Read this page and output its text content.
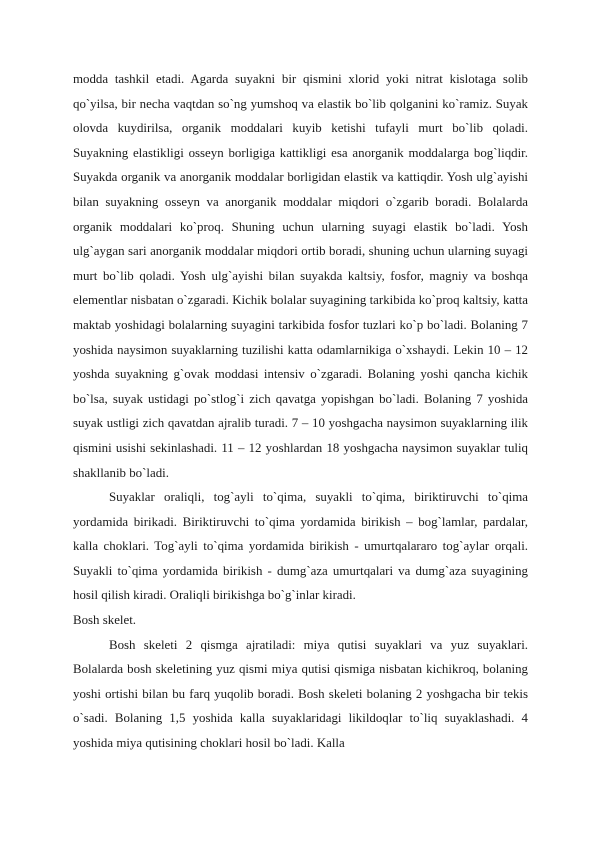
modda tashkil etadi. Agarda suyakni bir qismini xlorid yoki nitrat kislotaga solib qo`yilsa, bir necha vaqtdan so`ng yumshoq va elastik bo`lib qolganini ko`ramiz. Suyak olovda kuydirilsa, organik moddalari kuyib ketishi tufayli murt bo`lib qoladi. Suyakning elastikligi osseyn borligiga kattikligi esa anorganik moddalarga bog`liqdir. Suyakda organik va anorganik moddalar borligidan elastik va kattiqdir. Yosh ulg`ayishi bilan suyakning osseyn va anorganik moddalar miqdori o`zgarib boradi. Bolalarda organik moddalari ko`proq. Shuning uchun ularning suyagi elastik bo`ladi. Yosh ulg`aygan sari anorganik moddalar miqdori ortib boradi, shuning uchun ularning suyagi murt bo`lib qoladi. Yosh ulg`ayishi bilan suyakda kaltsiy, fosfor, magniy va boshqa elementlar nisbatan o`zgaradi. Kichik bolalar suyagining tarkibida ko`proq kaltsiy, katta maktab yoshidagi bolalarning suyagini tarkibida fosfor tuzlari ko`p bo`ladi. Bolaning 7 yoshida naysimon suyaklarning tuzilishi katta odamlarnikiga o`xshaydi. Lekin 10 – 12 yoshda suyakning g`ovak moddasi intensiv o`zgaradi. Bolaning yoshi qancha kichik bo`lsa, suyak ustidagi po`stlog`i zich qavatga yopishgan bo`ladi. Bolaning 7 yoshida suyak ustligi zich qavatdan ajralib turadi. 7 – 10 yoshgacha naysimon suyaklarning ilik qismini usishi sekinlashadi. 11 – 12 yoshlardan 18 yoshgacha naysimon suyaklar tuliq shakllanib bo`ladi.

Suyaklar oraliqli, tog`ayli to`qima, suyakli to`qima, biriktiruvchi to`qima yordamida birikadi. Biriktiruvchi to`qima yordamida birikish – bog`lamlar, pardalar, kalla choklari. Tog`ayli to`qima yordamida birikish - umurtqalararo tog`aylar orqali. Suyakli to`qima yordamida birikish - dumg`aza umurtqalari va dumg`aza suyagining hosil qilish kiradi. Oraliqli birikishga bo`g`inlar kiradi.

Bosh skelet.

Bosh skeleti 2 qismga ajratiladi: miya qutisi suyaklari va yuz suyaklari. Bolalarda bosh skeletining yuz qismi miya qutisi qismiga nisbatan kichikroq, bolaning yoshi ortishi bilan bu farq yuqolib boradi. Bosh skeleti bolaning 2 yoshgacha bir tekis o`sadi. Bolaning 1,5 yoshida kalla suyaklaridagi likildoqlar to`liq suyaklashadi. 4 yoshida miya qutisining choklari hosil bo`ladi. Kalla
